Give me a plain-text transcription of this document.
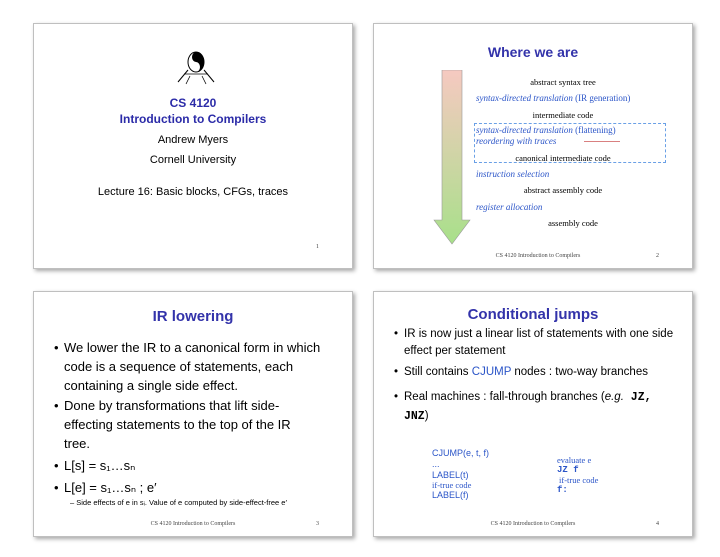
CS 4120
Introduction to Compilers
Andrew Myers
Cornell University
Lecture 16: Basic blocks, CFGs, traces
1
Where we are
abstract syntax tree
syntax-directed translation (IR generation)
intermediate code
syntax-directed translation (flattening)
reordering with traces
canonical intermediate code
instruction selection
abstract assembly code
register allocation
assembly code
CS 4120 Introduction to Compilers	2
IR lowering
• We lower the IR to a canonical form in which code is a sequence of statements, each containing a single side effect.
• Done by transformations that lift side-effecting statements to the top of the IR tree.
• L[s] = s₁…sₙ
• L[e] = s₁…sₙ ; e′
– Side effects of e in sᵢ. Value of e computed by side-effect-free e′
CS 4120 Introduction to Compilers	3
Conditional jumps
• IR is now just a linear list of statements with one side effect per statement
• Still contains CJUMP nodes : two-way branches
• Real machines : fall-through branches (e.g. JZ, JNZ)
CJUMP(e, t, f)
...
LABEL(t)
if-true code
LABEL(f)
evaluate e
JZ f
if-true code
f:
CS 4120 Introduction to Compilers	4
